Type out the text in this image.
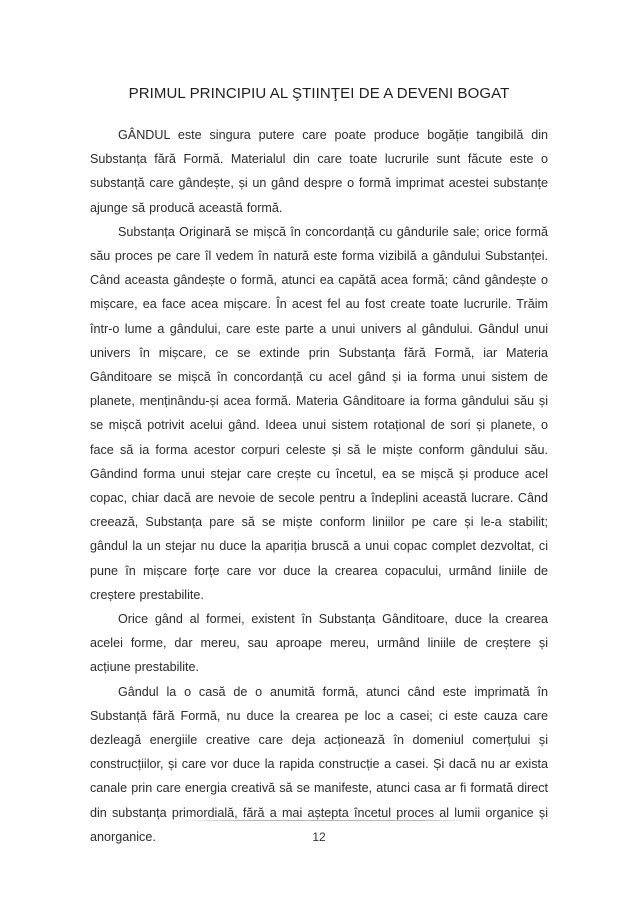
PRIMUL PRINCIPIU AL ŞTIINŢEI DE A DEVENI BOGAT

GÂNDUL este singura putere care poate produce bogăție tangibilă din Substanța fără Formă. Materialul din care toate lucrurile sunt făcute este o substanță care gândește, și un gând despre o formă imprimat acestei substanțe ajunge să producă această formă.

Substanța Originară se mișcă în concordanță cu gândurile sale; orice formă său proces pe care îl vedem în natură este forma vizibilă a gândului Substanței. Când aceasta gândește o formă, atunci ea capătă acea formă; când gândește o mișcare, ea face acea mișcare. În acest fel au fost create toate lucrurile. Trăim într-o lume a gândului, care este parte a unui univers al gândului. Gândul unui univers în mișcare, ce se extinde prin Substanța fără Formă, iar Materia Gânditoare se mișcă în concordanță cu acel gând și ia forma unui sistem de planete, menținându-și acea formă. Materia Gânditoare ia forma gândului său și se mișcă potrivit acelui gând. Ideea unui sistem rotațional de sori și planete, o face să ia forma acestor corpuri celeste și să le miște conform gândului său. Gândind forma unui stejar care crește cu încetul, ea se mișcă și produce acel copac, chiar dacă are nevoie de secole pentru a îndeplini această lucrare. Când creează, Substanța pare să se miște conform liniilor pe care și le-a stabilit; gândul la un stejar nu duce la apariția bruscă a unui copac complet dezvoltat, ci pune în mișcare forțe care vor duce la crearea copacului, urmând liniile de creștere prestabilite.

Orice gând al formei, existent în Substanța Gânditoare, duce la crearea acelei forme, dar mereu, sau aproape mereu, urmând liniile de creștere și acțiune prestabilite.

Gândul la o casă de o anumită formă, atunci când este imprimată în Substanță fără Formă, nu duce la crearea pe loc a casei; ci este cauza care dezleagă energiile creative care deja acționează în domeniul comerțului și construcțiilor, și care vor duce la rapida construcție a casei. Și dacă nu ar exista canale prin care energia creativă să se manifeste, atunci casa ar fi formată direct din substanța primordială, fără a mai aștepta încetul proces al lumii organice și anorganice.	12
